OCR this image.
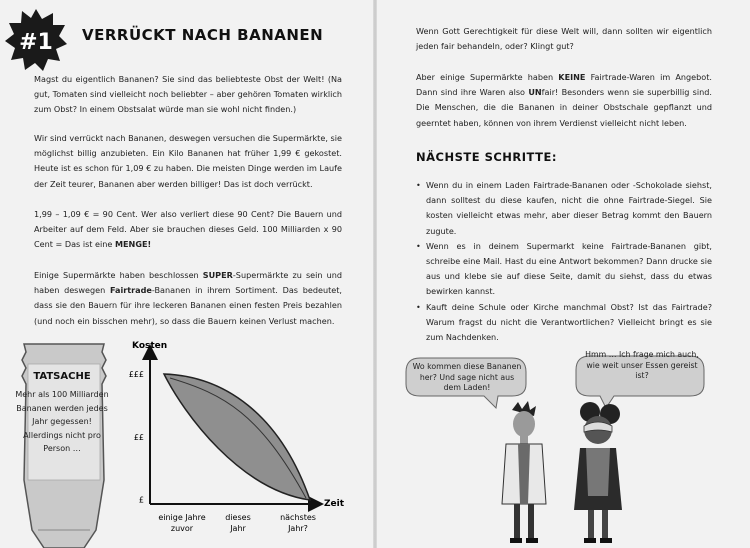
#1 VERRÜCKT NACH BANANEN

Magst du eigentlich Bananen? Sie sind das beliebteste Obst der Welt! (Na gut, Tomaten sind vielleicht noch beliebter – aber gehören Tomaten wirklich zum Obst? In einem Obstsalat würde man sie wohl nicht finden.)

Wir sind verrückt nach Bananen, deswegen versuchen die Supermärkte, sie möglichst billig anzubieten. Ein Kilo Bananen hat früher 1,99 € gekostet. Heute ist es schon für 1,09 € zu haben. Die meisten Dinge werden im Laufe der Zeit teurer, Bananen aber werden billiger! Das ist doch verrückt.

1,99 – 1,09 € = 90 Cent. Wer also verliert diese 90 Cent? Die Bauern und Arbeiter auf dem Feld. Aber sie brauchen dieses Geld. 100 Milliarden x 90 Cent = Das ist eine MENGE!

Einige Supermärkte haben beschlossen SUPER-Supermärkte zu sein und haben deswegen Fairtrade-Bananen in ihrem Sortiment. Das bedeutet, dass sie den Bauern für ihre leckeren Bananen einen festen Preis bezahlen (und noch ein bisschen mehr), so dass die Bauern keinen Verlust machen.

TATSACHE
Mehr als 100 Milliarden Bananen werden jedes Jahr gegessen! Allerdings nicht pro Person …
Kosten
Zeit
£
££
£££
einige Jahre
zuvor
dieses
Jahr
nächstes
Jahr?

Wenn Gott Gerechtigkeit für diese Welt will, dann sollten wir eigentlich jeden fair behandeln, oder? Klingt gut?

Aber einige Supermärkte haben KEINE Fairtrade-Waren im Angebot. Dann sind ihre Waren also UNfair! Besonders wenn sie superbillig sind. Die Menschen, die die Bananen in deiner Obstschale gepflanzt und geerntet haben, können von ihrem Verdienst vielleicht nicht leben.

NÄCHSTE SCHRITTE:
• Wenn du in einem Laden Fairtrade-Bananen oder -Schokolade siehst, dann solltest du diese kaufen, nicht die ohne Fairtrade-Siegel. Sie kosten vielleicht etwas mehr, aber dieser Betrag kommt den Bauern zugute.
• Wenn es in deinem Supermarkt keine Fairtrade-Bananen gibt, schreibe eine Mail. Hast du eine Antwort bekommen? Dann drucke sie aus und klebe sie auf diese Seite, damit du siehst, dass du etwas bewirken kannst.
• Kauft deine Schule oder Kirche manchmal Obst? Ist das Fairtrade? Warum fragst du nicht die Verantwortlichen? Vielleicht bringt es sie zum Nachdenken.
Wo kommen diese Bananen her? Und sage nicht aus dem Laden!
Hmm … Ich frage mich auch, wie weit unser Essen gereist ist?
